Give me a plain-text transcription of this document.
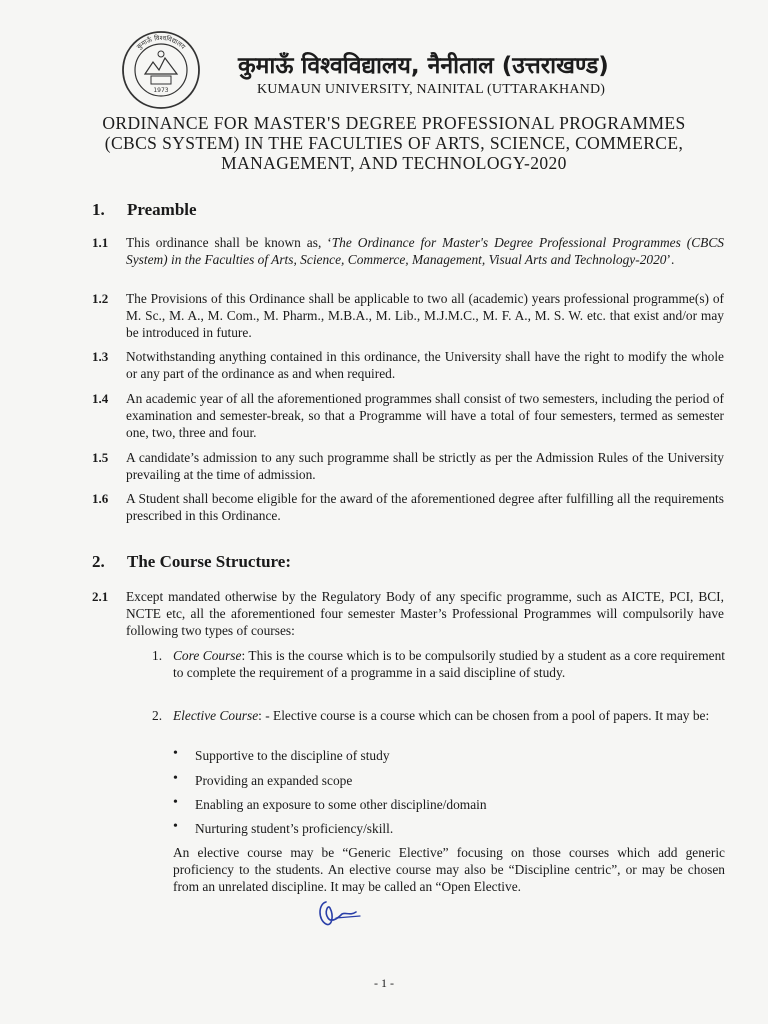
1973
कुमाऊँ विश्वविद्यालय
कुमाऊँ विश्वविद्यालय, नैनीताल (उत्तराखण्ड)
KUMAUN UNIVERSITY, NAINITAL (UTTARAKHAND)
ORDINANCE FOR MASTER'S DEGREE PROFESSIONAL PROGRAMMES
(CBCS SYSTEM) IN THE FACULTIES OF ARTS, SCIENCE, COMMERCE,
MANAGEMENT, AND TECHNOLOGY-2020
1. Preamble
1.1 This ordinance shall be known as, ‘The Ordinance for Master's Degree Professional Programmes (CBCS System) in the Faculties of Arts, Science, Commerce, Management, Visual Arts and Technology-2020’.
1.2 The Provisions of this Ordinance shall be applicable to two all (academic) years professional programme(s) of M. Sc., M. A., M. Com., M. Pharm., M.B.A., M. Lib., M.J.M.C., M. F. A., M. S. W. etc. that exist and/or may be introduced in future.
1.3 Notwithstanding anything contained in this ordinance, the University shall have the right to modify the whole or any part of the ordinance as and when required.
1.4 An academic year of all the aforementioned programmes shall consist of two semesters, including the period of examination and semester-break, so that a Programme will have a total of four semesters, termed as semester one, two, three and four.
1.5 A candidate’s admission to any such programme shall be strictly as per the Admission Rules of the University prevailing at the time of admission.
1.6 A Student shall become eligible for the award of the aforementioned degree after fulfilling all the requirements prescribed in this Ordinance.
2. The Course Structure:
2.1 Except mandated otherwise by the Regulatory Body of any specific programme, such as AICTE, PCI, BCI, NCTE etc, all the aforementioned four semester Master’s Professional Programmes will compulsorily have following two types of courses:
1. Core Course: This is the course which is to be compulsorily studied by a student as a core requirement to complete the requirement of a programme in a said discipline of study.
2. Elective Course: - Elective course is a course which can be chosen from a pool of papers. It may be:
• Supportive to the discipline of study
• Providing an expanded scope
• Enabling an exposure to some other discipline/domain
• Nurturing student’s proficiency/skill.
An elective course may be “Generic Elective” focusing on those courses which add generic proficiency to the students. An elective course may also be “Discipline centric”, or may be chosen from an unrelated discipline. It may be called an “Open Elective.
- 1 -
